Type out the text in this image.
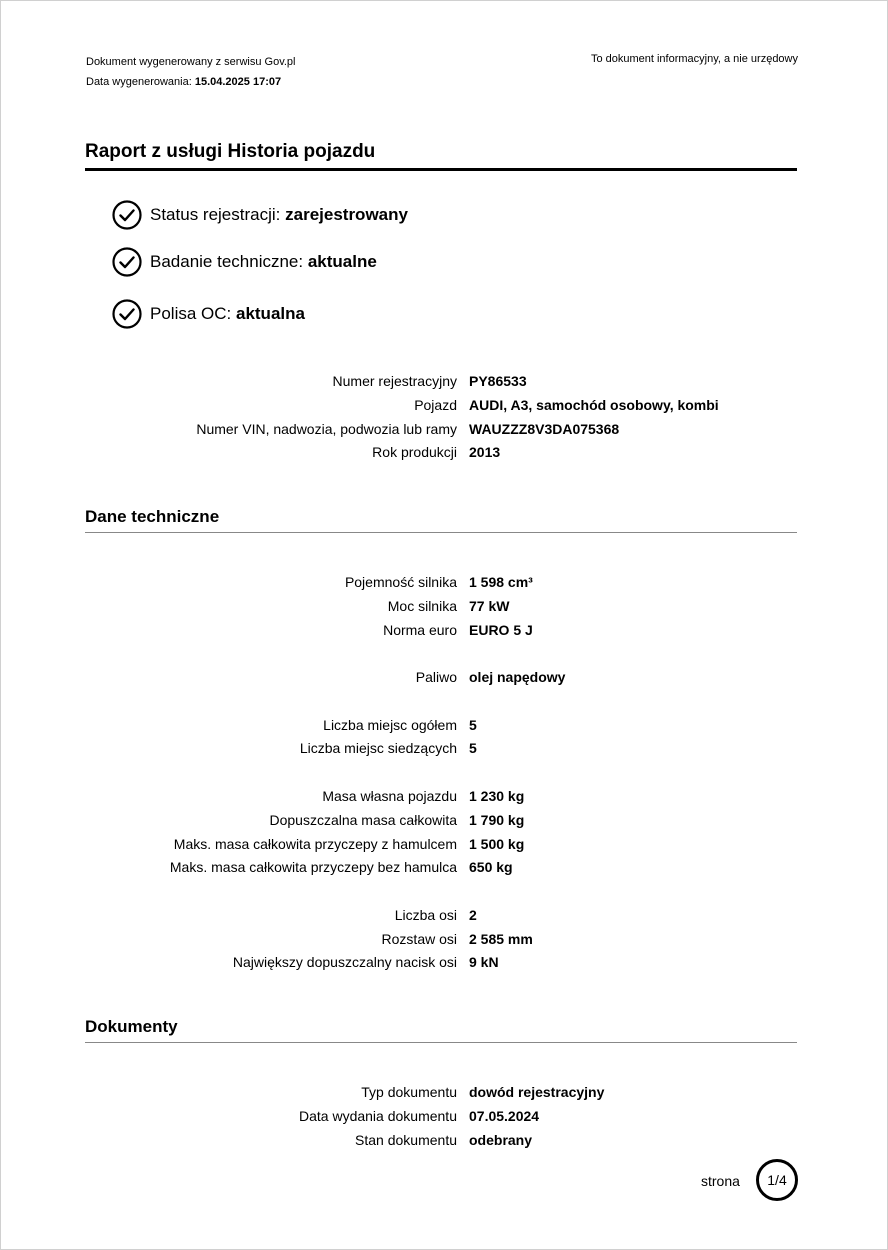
Dokument wygenerowany z serwisu Gov.pl
Data wygenerowania: 15.04.2025 17:07
To dokument informacyjny, a nie urzędowy
Raport z usługi Historia pojazdu
Status rejestracji:
zarejestrowany
Badanie techniczne:
aktualne
Polisa OC:
aktualna
Numer rejestracyjny PY86533
Pojazd AUDI, A3, samochód osobowy, kombi
Numer VIN, nadwozia, podwozia lub ramy WAUZZZ8V3DA075368
Rok produkcji 2013
Dane techniczne
Pojemność silnika 1 598 cm³
Moc silnika 77 kW
Norma euro EURO 5 J
Paliwo olej napędowy
Liczba miejsc ogółem 5
Liczba miejsc siedzących 5
Masa własna pojazdu 1 230 kg
Dopuszczalna masa całkowita 1 790 kg
Maks. masa całkowita przyczepy z hamulcem 1 500 kg
Maks. masa całkowita przyczepy bez hamulca 650 kg
Liczba osi 2
Rozstaw osi 2 585 mm
Największy dopuszczalny nacisk osi 9 kN
Dokumenty
Typ dokumentu dowód rejestracyjny
Data wydania dokumentu 07.05.2024
Stan dokumentu odebrany
strona	1/4
